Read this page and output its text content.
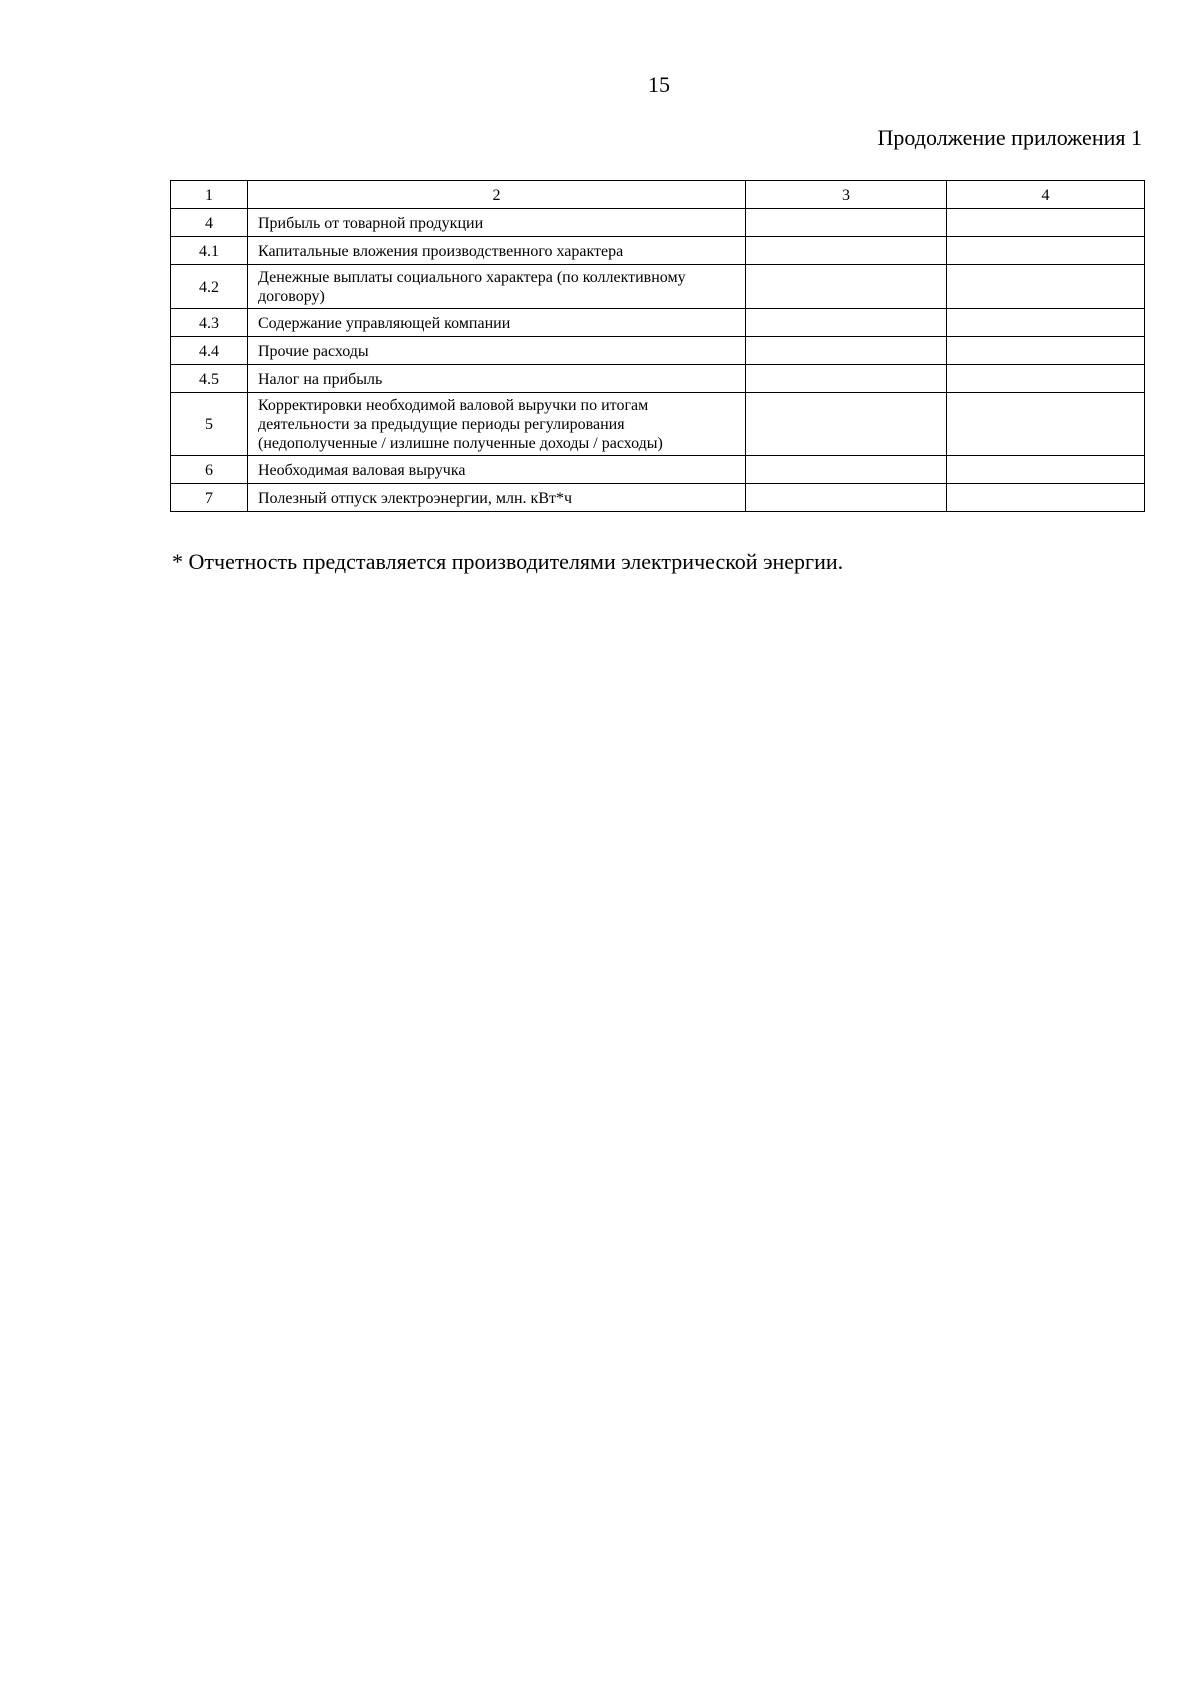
15
Продолжение приложения 1
1	2	3	4
4	Прибыль от товарной продукции		
4.1	Капитальные вложения производственного характера		
4.2	Денежные выплаты социального характера (по коллективному договору)		
4.3	Содержание управляющей компании		
4.4	Прочие расходы		
4.5	Налог на прибыль		
5	Корректировки необходимой валовой выручки по итогам деятельности за предыдущие периоды регулирования (недополученные / излишне полученные доходы / расходы)		
6	Необходимая валовая выручка		
7	Полезный отпуск электроэнергии, млн. кВт*ч		
* Отчетность представляется производителями электрической энергии.
